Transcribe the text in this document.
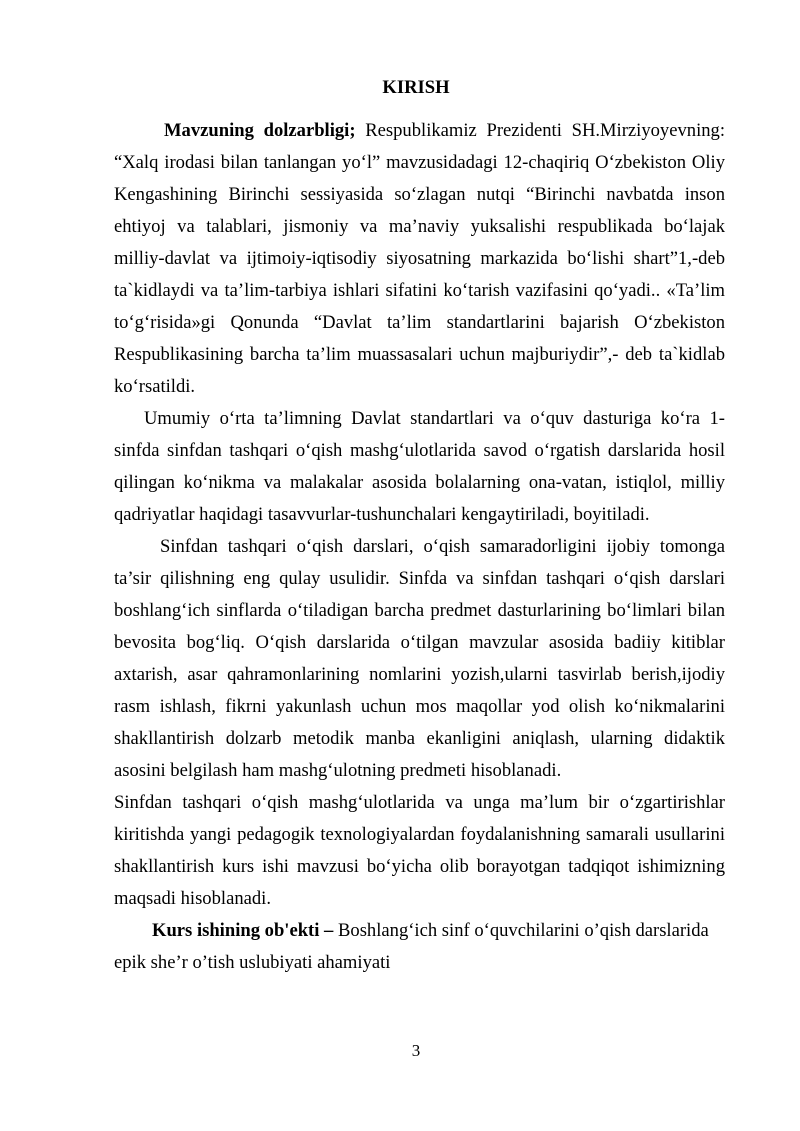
KIRISH
Mavzuning dolzarbligi; Respublikamiz Prezidenti SH.Mirziyoyevning: “Xalq irodasi bilan tanlangan yo‘l” mavzusidadagi 12-chaqiriq O‘zbekiston Oliy Kengashining Birinchi sessiyasida so‘zlagan nutqi “Birinchi navbatda inson ehtiyoj va talablari, jismoniy va ma’naviy yuksalishi respublikada bo‘lajak milliy-davlat va ijtimoiy-iqtisodiy siyosatning markazida bo‘lishi shart”1,-deb ta`kidlaydi va ta’lim-tarbiya ishlari sifatini ko‘tarish vazifasini qo‘yadi.. «Ta’lim to‘g‘risida»gi Qonunda “Davlat ta’lim standartlarini bajarish O‘zbekiston Respublikasining barcha ta’lim muassasalari uchun majburiydir”,- deb ta`kidlab ko‘rsatildi.
Umumiy o‘rta ta’limning Davlat standartlari va o‘quv dasturiga ko‘ra 1-sinfda sinfdan tashqari o‘qish mashg‘ulotlarida savod o‘rgatish darslarida hosil qilingan ko‘nikma va malakalar asosida bolalarning ona-vatan, istiqlol, milliy qadriyatlar haqidagi tasavvurlar-tushunchalari kengaytiriladi, boyitiladi.
Sinfdan tashqari o‘qish darslari, o‘qish samaradorligini ijobiy tomonga ta’sir qilishning eng qulay usulidir. Sinfda va sinfdan tashqari o‘qish darslari boshlang‘ich sinflarda o‘tiladigan barcha predmet dasturlarining bo‘limlari bilan bevosita bog‘liq. O‘qish darslarida o‘tilgan mavzular asosida badiiy kitiblar axtarish, asar qahramonlarining nomlarini yozish,ularni tasvirlab berish,ijodiy rasm ishlash, fikrni yakunlash uchun mos maqollar yod olish ko‘nikmalarini shakllantirish dolzarb metodik manba ekanligini aniqlash, ularning didaktik asosini belgilash ham mashg‘ulotning predmeti hisoblanadi.
Sinfdan tashqari o‘qish mashg‘ulotlarida va unga ma’lum bir o‘zgartirishlar kiritishda yangi pedagogik texnologiyalardan foydalanishning samarali usullarini shakllantirish kurs ishi mavzusi bo‘yicha olib borayotgan tadqiqot ishimizning maqsadi hisoblanadi.
Kurs ishining ob'ekti – Boshlang‘ich sinf o‘quvchilarini o’qish darslarida epik she’r o’tish uslubiyati ahamiyati
3
